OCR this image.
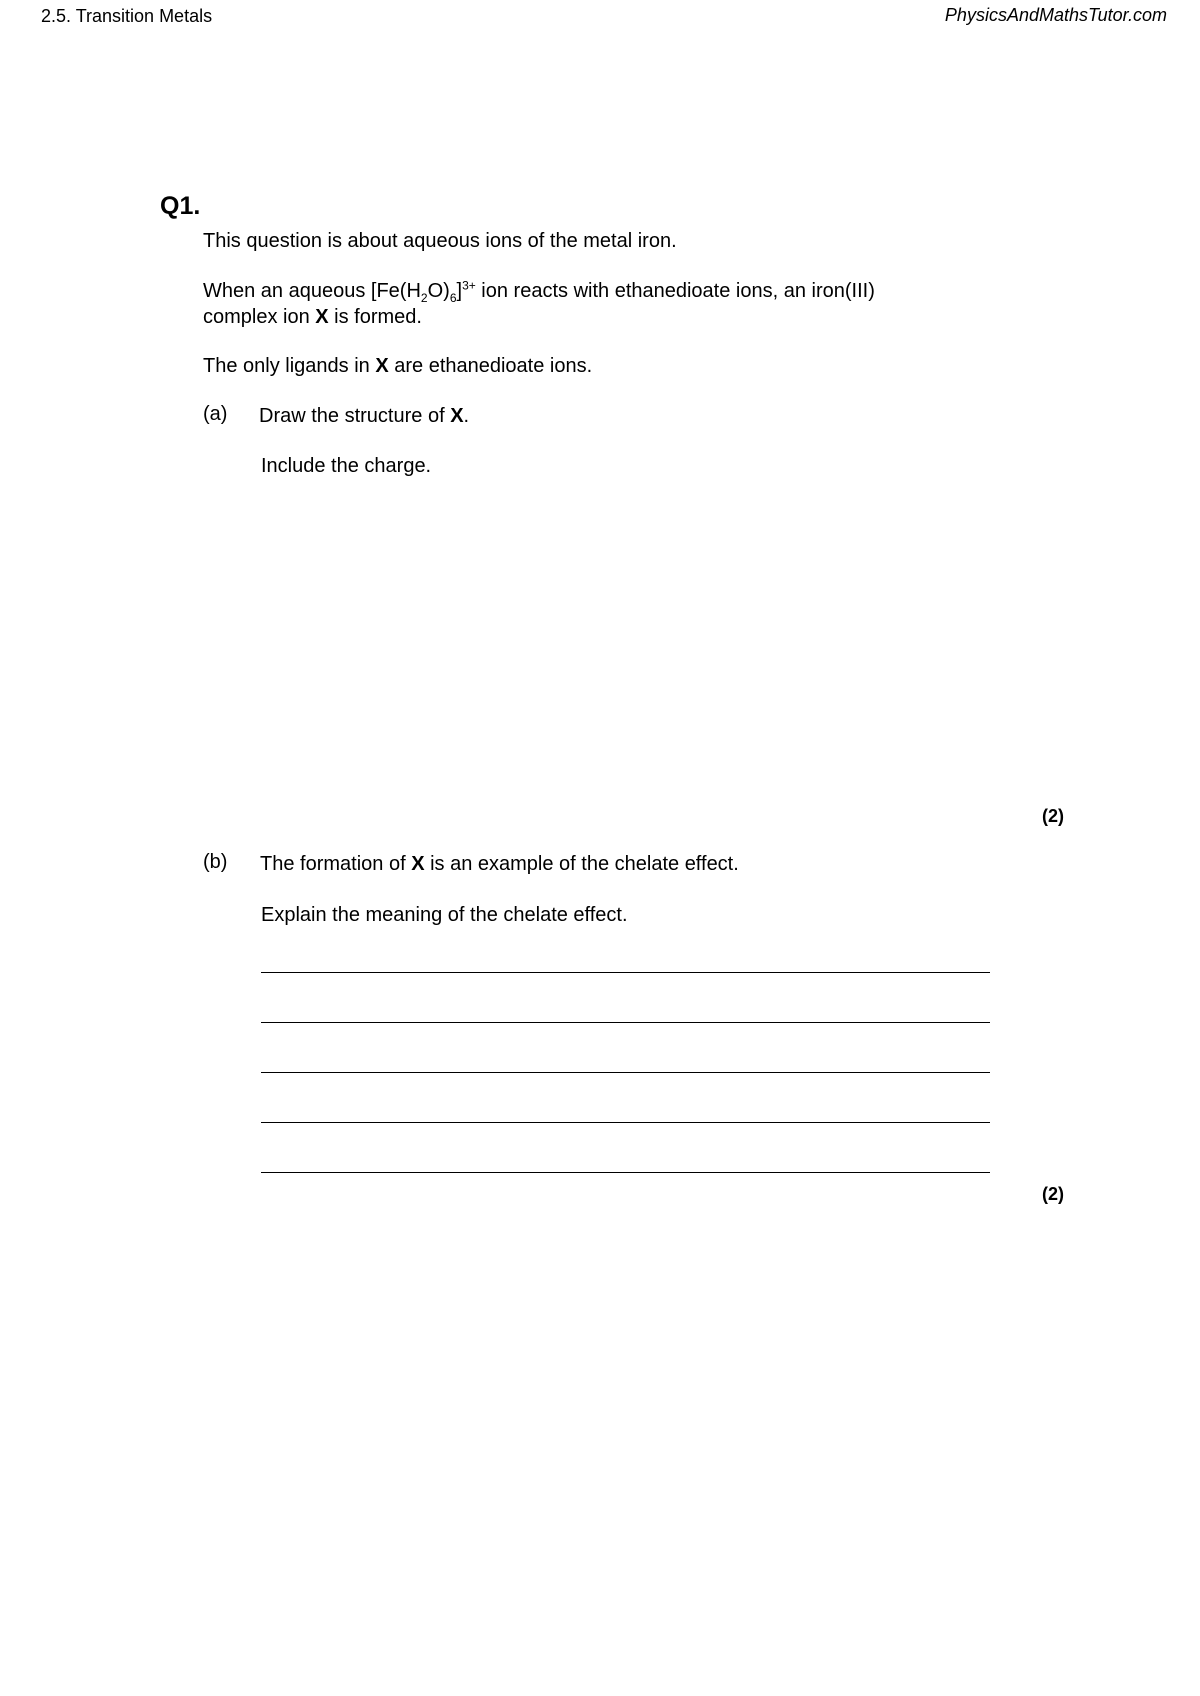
2.5. Transition Metals	PhysicsAndMathsTutor.com
Q1.
This question is about aqueous ions of the metal iron.
When an aqueous $[Fe(H_2O)_6]^{3+}$ ion reacts with ethanedioate ions, an iron(III)
complex ion X is formed.
The only ligands in X are ethanedioate ions.
(a) Draw the structure of X.
Include the charge.
(2)
(b) The formation of X is an example of the chelate effect.
Explain the meaning of the chelate effect.
(2)
